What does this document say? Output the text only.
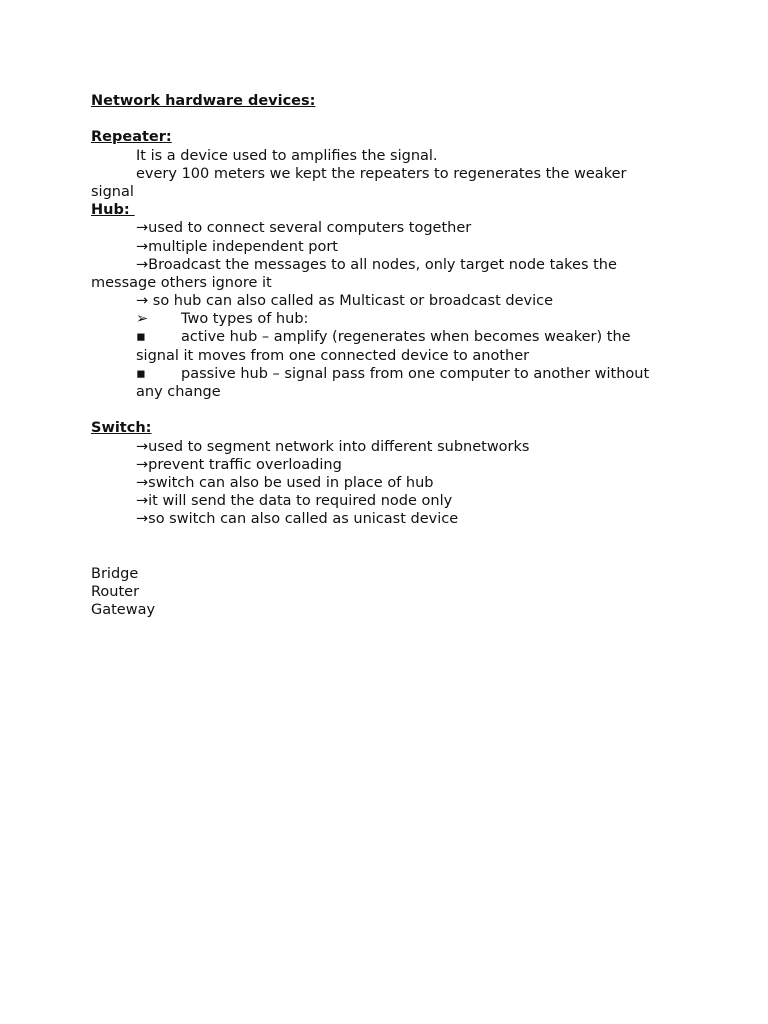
Network hardware devices:
Repeater:
It is a device used to amplifies the signal.
every 100 meters we kept the repeaters to regenerates the weaker
signal
Hub:
→used to connect several computers together
→multiple independent port
→Broadcast the messages to all nodes, only target node takes the
message others ignore it
→ so hub can also called as Multicast or broadcast device
➢	Two types of hub:
▪	active hub – amplify (regenerates when becomes weaker) the
signal it moves from one connected device to another
▪	passive hub – signal pass from one computer to another without
any change
Switch:
→used to segment network into different subnetworks
→prevent traffic overloading
→switch can also be used in place of hub
→it will send the data to required node only
→so switch can also called as unicast device
Bridge
Router
Gateway
